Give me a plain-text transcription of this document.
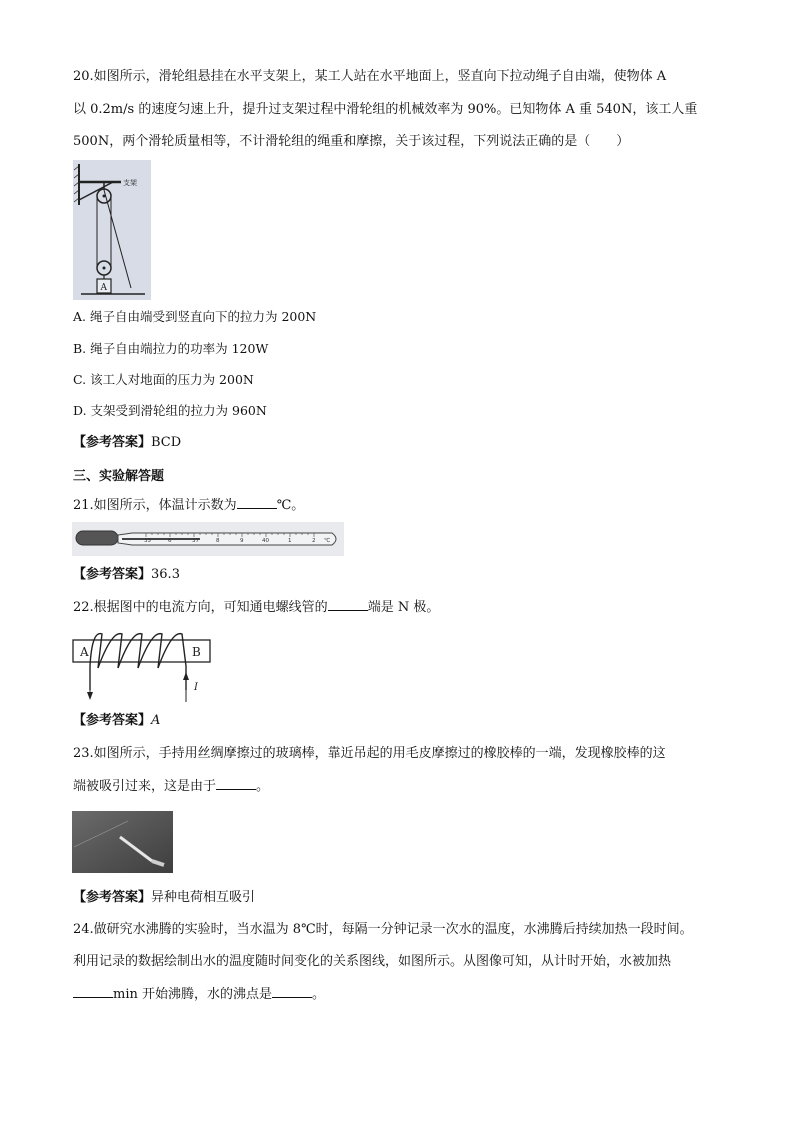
20.如图所示，滑轮组悬挂在水平支架上，某工人站在水平地面上，竖直向下拉动绳子自由端，使物体 A
以 0.2m/s 的速度匀速上升，提升过支架过程中滑轮组的机械效率为 90%。已知物体 A 重 540N，该工人重
500N，两个滑轮质量相等，不计滑轮组的绳重和摩擦，关于该过程，下列说法正确的是（　　）
支架
A
A. 绳子自由端受到竖直向下的拉力为 200N
B. 绳子自由端拉力的功率为 120W
C. 该工人对地面的压力为 200N
D. 支架受到滑轮组的拉力为 960N
【参考答案】BCD
三、实验解答题
21.如图所示，体温计示数为	℃。
35	6	37	8	9	40	1	2 ℃
【参考答案】36.3
22.根据图中的电流方向，可知通电螺线管的	端是 N 极。
A	B
I
【参考答案】A
23.如图所示，手持用丝绸摩擦过的玻璃棒，靠近吊起的用毛皮摩擦过的橡胶棒的一端，发现橡胶棒的这
端被吸引过来，这是由于	。
【参考答案】异种电荷相互吸引
24.做研究水沸腾的实验时，当水温为 8℃时，每隔一分钟记录一次水的温度，水沸腾后持续加热一段时间。
利用记录的数据绘制出水的温度随时间变化的关系图线，如图所示。从图像可知，从计时开始，水被加热
min 开始沸腾，水的沸点是	。
